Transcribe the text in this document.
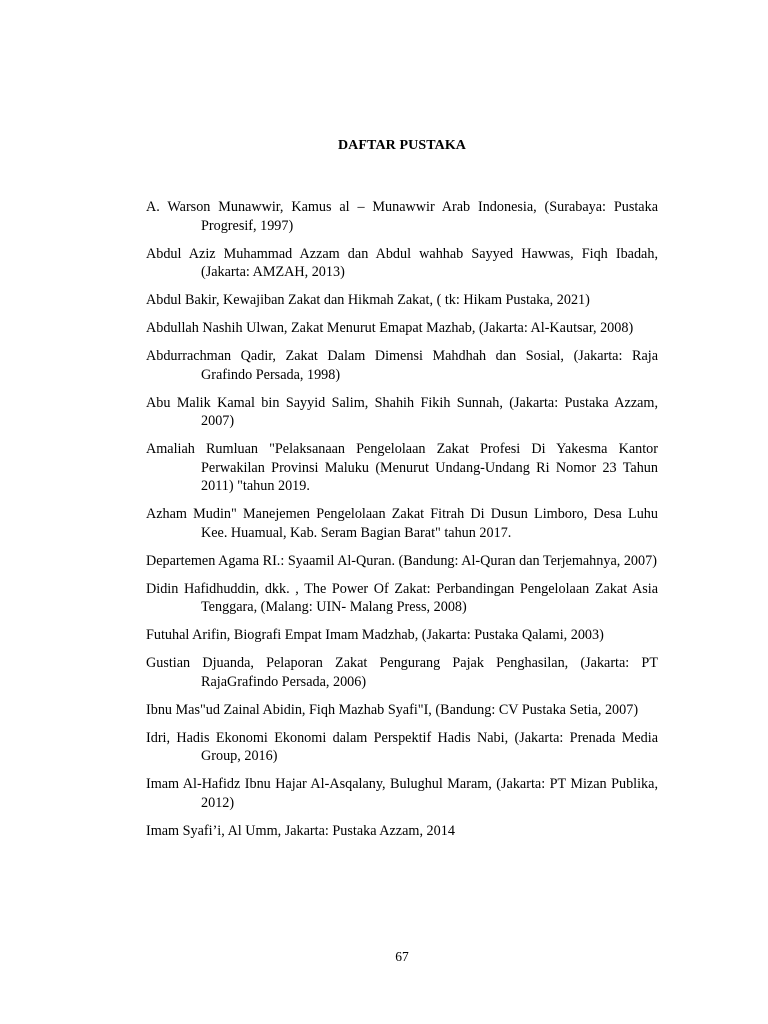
DAFTAR PUSTAKA
A. Warson Munawwir, Kamus al – Munawwir Arab Indonesia, (Surabaya: Pustaka Progresif, 1997)
Abdul Aziz Muhammad Azzam dan Abdul wahhab Sayyed Hawwas, Fiqh Ibadah, (Jakarta: AMZAH, 2013)
Abdul Bakir, Kewajiban Zakat dan Hikmah Zakat, ( tk: Hikam Pustaka, 2021)
Abdullah Nashih Ulwan, Zakat Menurut Emapat Mazhab, (Jakarta: Al-Kautsar, 2008)
Abdurrachman Qadir, Zakat Dalam Dimensi Mahdhah dan Sosial, (Jakarta: Raja Grafindo Persada, 1998)
Abu Malik Kamal bin Sayyid Salim, Shahih Fikih Sunnah, (Jakarta: Pustaka Azzam, 2007)
Amaliah Rumluan "Pelaksanaan Pengelolaan Zakat Profesi Di Yakesma Kantor Perwakilan Provinsi Maluku (Menurut Undang-Undang Ri Nomor 23 Tahun 2011) "tahun 2019.
Azham Mudin" Manejemen Pengelolaan Zakat Fitrah Di Dusun Limboro, Desa Luhu Kee. Huamual, Kab. Seram Bagian Barat" tahun 2017.
Departemen Agama RI.: Syaamil Al-Quran. (Bandung: Al-Quran dan Terjemahnya, 2007)
Didin Hafidhuddin, dkk. , The Power Of Zakat: Perbandingan Pengelolaan Zakat Asia Tenggara, (Malang: UIN- Malang Press, 2008)
Futuhal Arifin, Biografi Empat Imam Madzhab, (Jakarta: Pustaka Qalami, 2003)
Gustian Djuanda, Pelaporan Zakat Pengurang Pajak Penghasilan, (Jakarta: PT RajaGrafindo Persada, 2006)
Ibnu Mas"ud Zainal Abidin, Fiqh Mazhab Syafi"I, (Bandung: CV Pustaka Setia, 2007)
Idri, Hadis Ekonomi Ekonomi dalam Perspektif Hadis Nabi, (Jakarta: Prenada Media Group, 2016)
Imam Al-Hafidz Ibnu Hajar Al-Asqalany, Bulughul Maram, (Jakarta: PT Mizan Publika, 2012)
Imam Syafi’i, Al Umm, Jakarta: Pustaka Azzam, 2014
67
